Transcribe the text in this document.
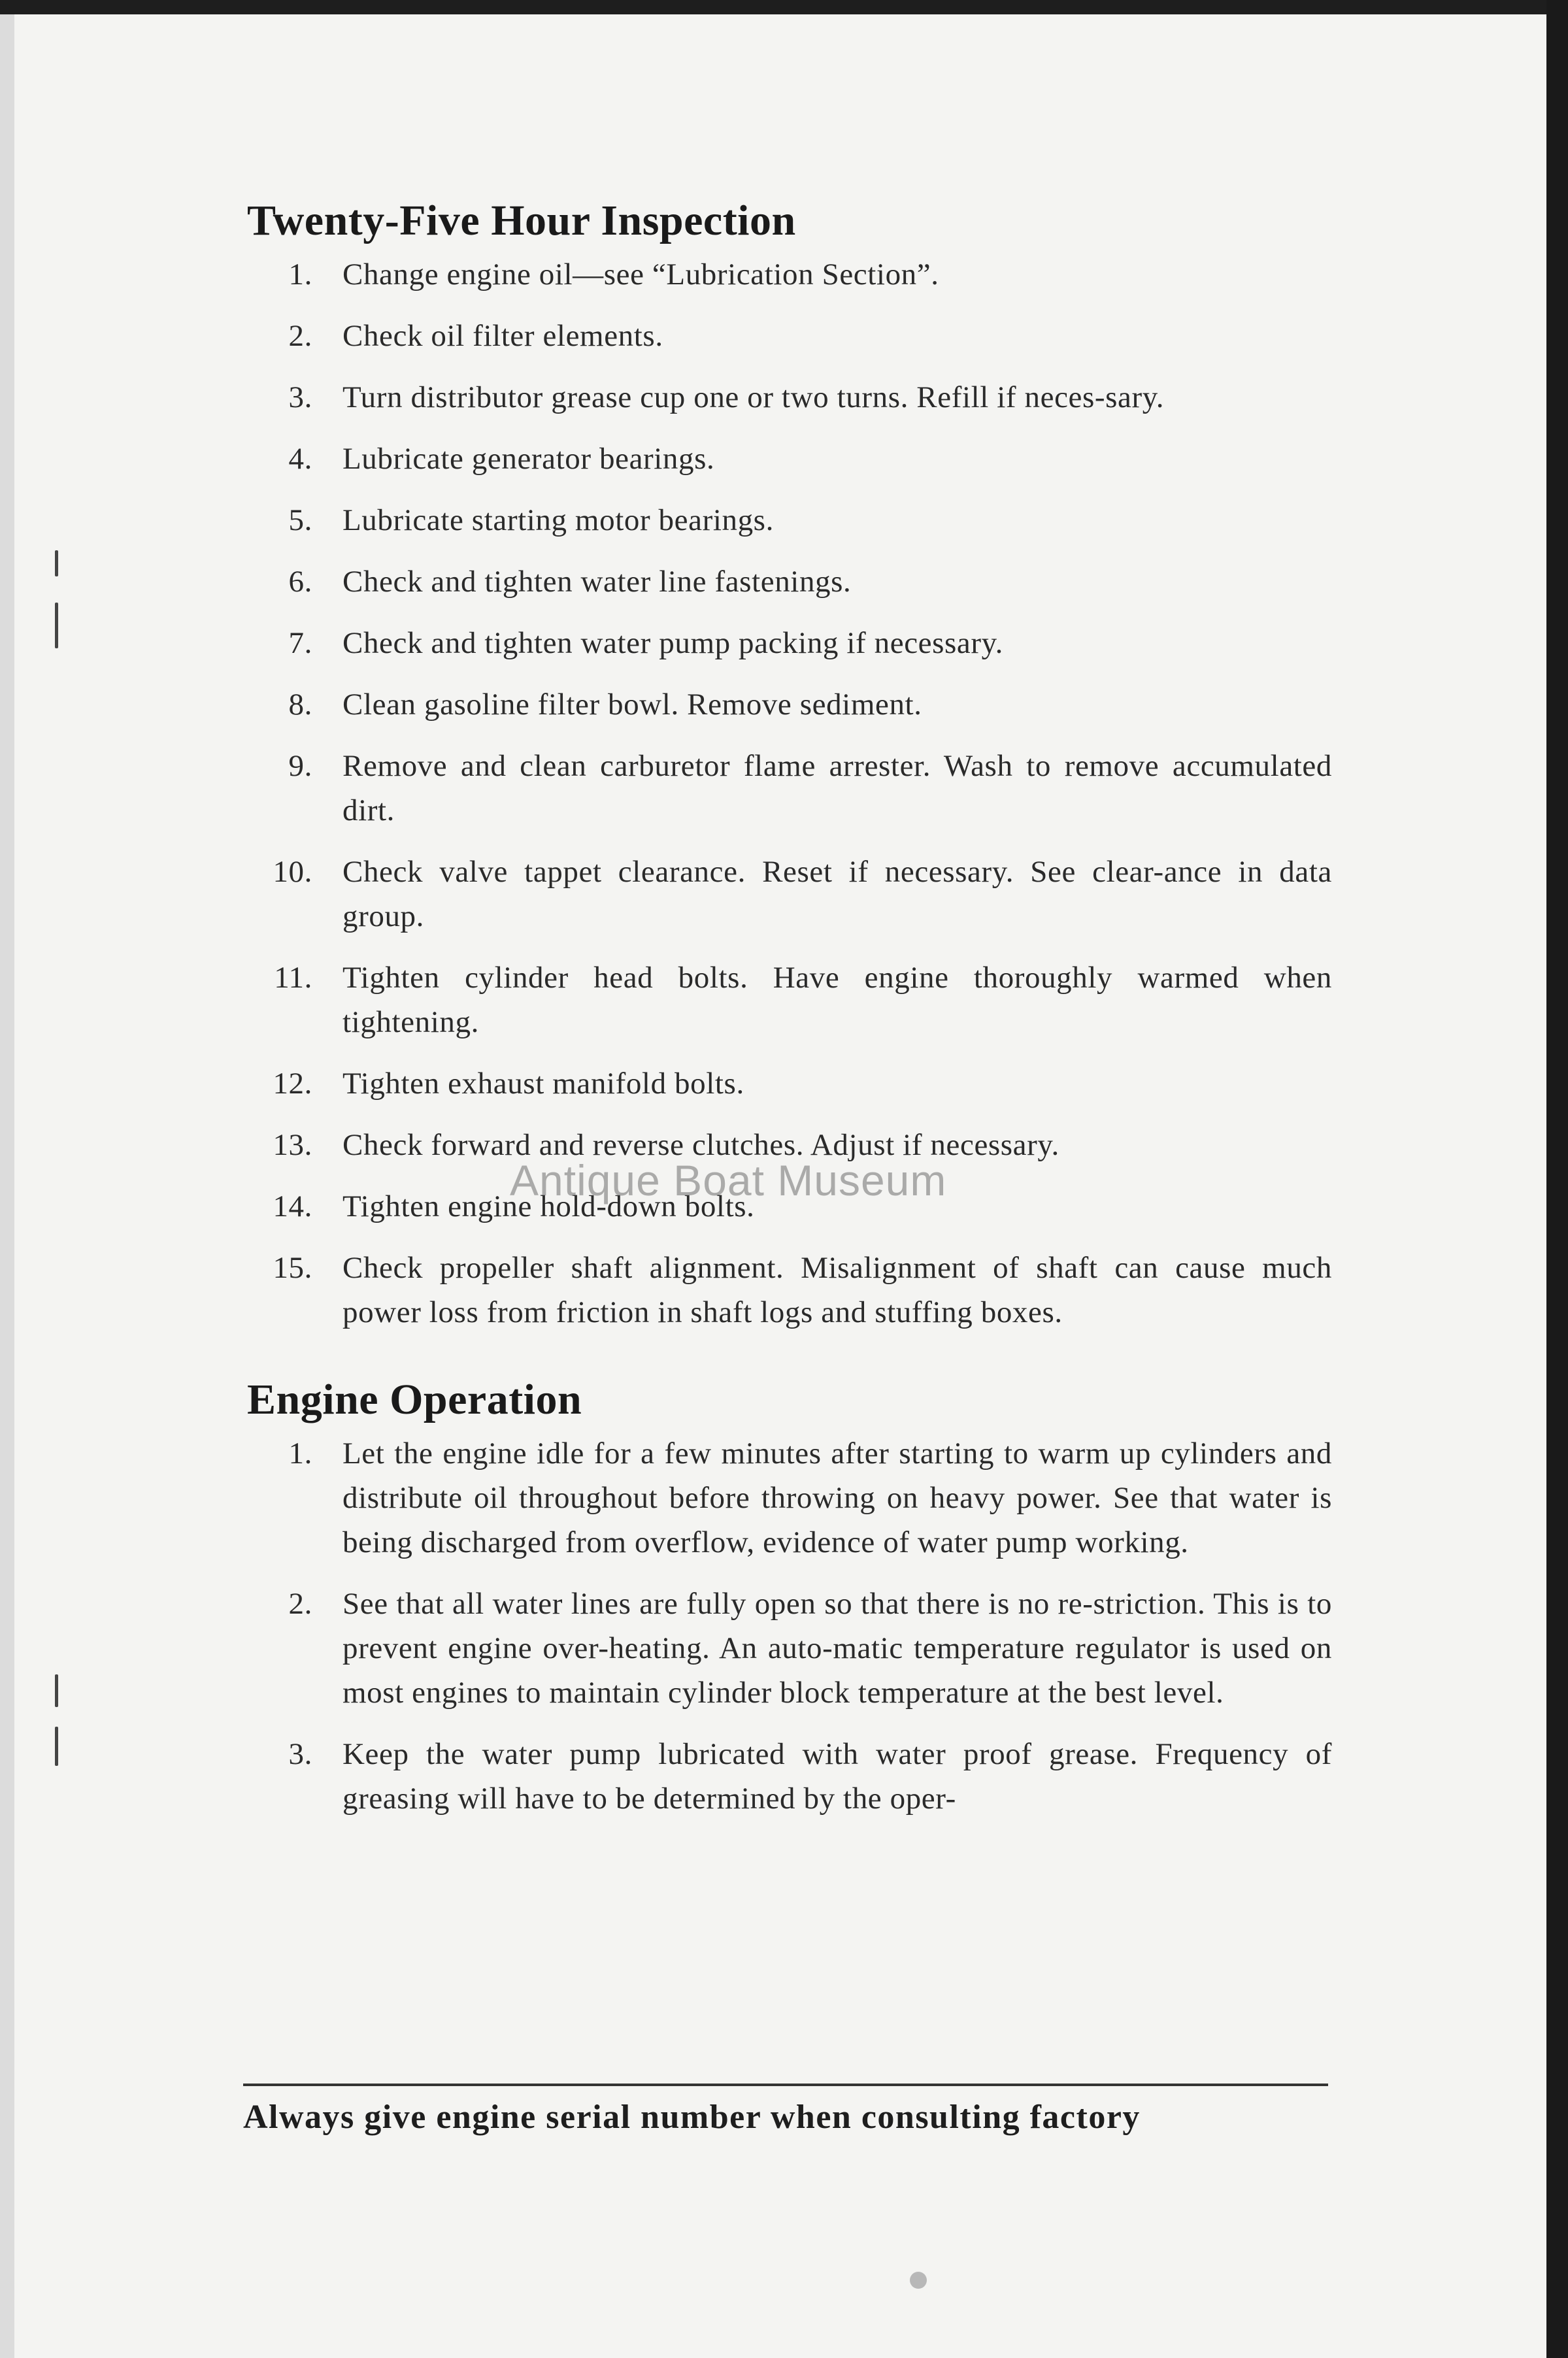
Twenty-Five Hour Inspection
1. Change engine oil—see “Lubrication Section”.
2. Check oil filter elements.
3. Turn distributor grease cup one or two turns. Refill if neces-sary.
4. Lubricate generator bearings.
5. Lubricate starting motor bearings.
6. Check and tighten water line fastenings.
7. Check and tighten water pump packing if necessary.
8. Clean gasoline filter bowl. Remove sediment.
9. Remove and clean carburetor flame arrester. Wash to remove accumulated dirt.
10. Check valve tappet clearance. Reset if necessary. See clear-ance in data group.
11. Tighten cylinder head bolts. Have engine thoroughly warmed when tightening.
12. Tighten exhaust manifold bolts.
13. Check forward and reverse clutches. Adjust if necessary.
14. Tighten engine hold-down bolts.
15. Check propeller shaft alignment. Misalignment of shaft can cause much power loss from friction in shaft logs and stuffing boxes.
Engine Operation
1. Let the engine idle for a few minutes after starting to warm up cylinders and distribute oil throughout before throwing on heavy power. See that water is being discharged from overflow, evidence of water pump working.
2. See that all water lines are fully open so that there is no re-striction. This is to prevent engine over-heating. An auto-matic temperature regulator is used on most engines to maintain cylinder block temperature at the best level.
3. Keep the water pump lubricated with water proof grease. Frequency of greasing will have to be determined by the oper-
Antique Boat Museum
Always give engine serial number when consulting factory
